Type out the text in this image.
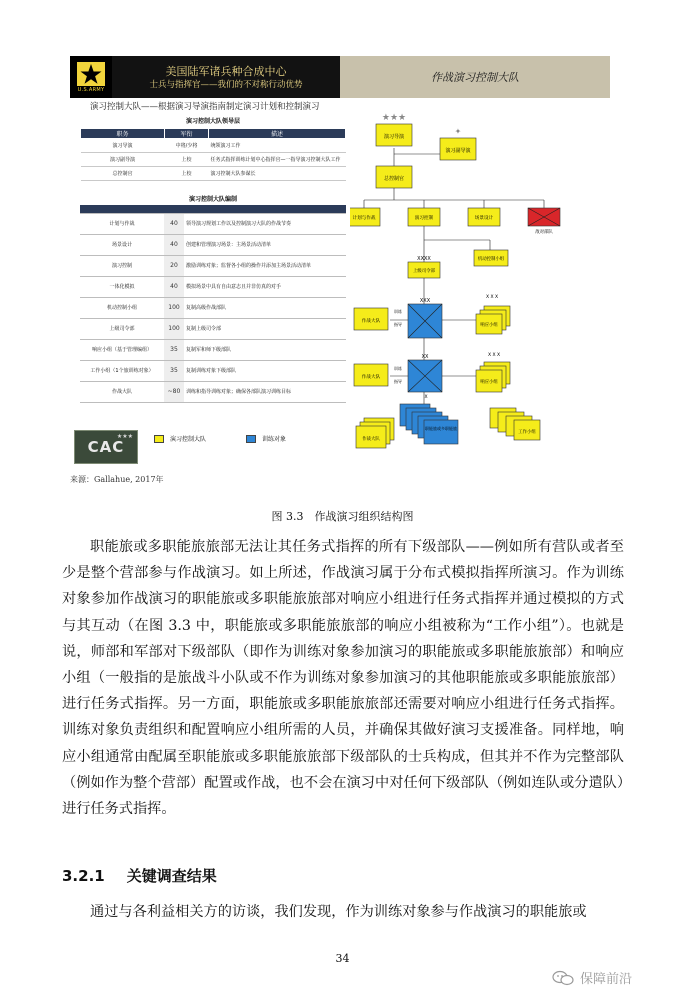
U.S.ARMY
美国陆军诸兵种合成中心
士兵与指挥官——我们的不对称行动优势
作战演习控制大队
演习控制大队——根据演习导演指南制定演习计划和控制演习
演习控制大队领导层
职务	军衔	描述
演习导演	中将/少将	统领演习工作
演习副导演	上校	任务式指挥训练计划中心指挥官—一指导演习控制大队工作
总控制官	上校	演习控制大队参谋长
演习控制大队编制

计划与作战	40	领导演习规划工作以及控制演习大队的作战节奏
场景设计	40	创建和管理演习场景：主场景活动清单
演习控制	20	激励训练对象；监督各小组的操作并添加主场景活动清单
一体化模拟	40	模拟场景中具有自由意志且并非仿真的对手
机动控制小组	100	复制高级作战部队
上级司令部	100	复制上级司令部
响应小组（基于管理编组）	35	复制军和师下级部队
工作小组（1个旅训练对象）	35	复制训练对象下级部队
作战大队	~80	训练和指导训练对象；确保各部队演习训练目标
★★★
CAC	演习控制大队	训练对象
来源：Gallahue, 2017年
★★★
演习导演
✦
演习副导演
总控制官
计划与作战	演习控制	场景设计
敌对部队
XXXX
上级司令部
机动控制小组
XXX
作战大队
训练
指导
X X X
响应小组
XX
作战大队
训练
指导
X X X
响应小组
作战大队
X
职能旅或多职能旅
工作小组
图 3.3　作战演习组织结构图

职能旅或多职能旅旅部无法让其任务式指挥的所有下级部队——例如所有营队或者至少是整个营部参与作战演习。如上所述，作战演习属于分布式模拟指挥所演习。作为训练对象参加作战演习的职能旅或多职能旅旅部对响应小组进行任务式指挥并通过模拟的方式与其互动（在图 3.3 中，职能旅或多职能旅旅部的响应小组被称为“工作小组”）。也就是说，师部和军部对下级部队（即作为训练对象参加演习的职能旅或多职能旅旅部）和响应小组（一般指的是旅战斗小队或不作为训练对象参加演习的其他职能旅或多职能旅旅部）进行任务式指挥。另一方面，职能旅或多职能旅旅部还需要对响应小组进行任务式指挥。训练对象负责组织和配置响应小组所需的人员，并确保其做好演习支援准备。同样地，响应小组通常由配属至职能旅或多职能旅旅部下级部队的士兵构成，但其并不作为完整部队（例如作为整个营部）配置或作战，也不会在演习中对任何下级部队（例如连队或分遣队）进行任务式指挥。

3.2.1 关键调查结果

通过与各利益相关方的访谈，我们发现，作为训练对象参与作战演习的职能旅或

34
保障前沿
